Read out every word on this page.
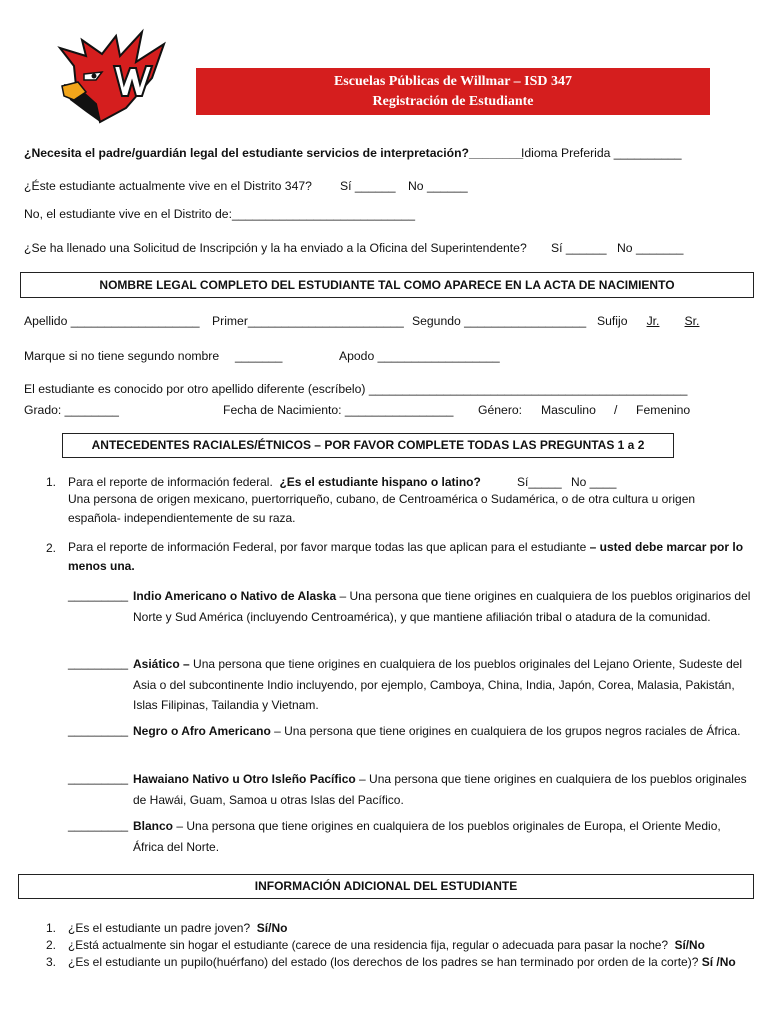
Escuelas Públicas de Willmar – ISD 347
Registración de Estudiante
¿Necesita el padre/guardián legal del estudiante servicios de interpretación?________
Idioma Preferida __________
¿Éste estudiante actualmente vive en el Distrito 347? Sí ______ No ______
No, el estudiante vive en el Distrito de:___________________________
¿Se ha llenado una Solicitud de Inscripción y la ha enviado a la Oficina del Superintendente? Sí ______ No _______
NOMBRE LEGAL COMPLETO DEL ESTUDIANTE TAL COMO APARECE EN LA ACTA DE NACIMIENTO
Apellido ___________________ Primer_______________________ Segundo __________________ Sufijo	Jr.	Sr.
Marque si no tiene segundo nombre _______	Apodo __________________
El estudiante es conocido por otro apellido diferente (escríbelo) _______________________________________________
Grado: ________	Fecha de Nacimiento: ________________ Género: Masculino / Femenino
ANTECEDENTES RACIALES/ÉTNICOS – POR FAVOR COMPLETE TODAS LAS PREGUNTAS 1 a 2
1. Para el reporte de información federal. ¿Es el estudiante hispano o latino?	Sí_____ No ____
Una persona de origen mexicano, puertorriqueño, cubano, de Centroamérica o Sudamérica, o de otra cultura u origen española- independientemente de su raza.
2. Para el reporte de información Federal, por favor marque todas las que aplican para el estudiante – usted debe marcar por lo menos una.
_________ Indio Americano o Nativo de Alaska – Una persona que tiene origines en cualquiera de los pueblos originarios del Norte y Sud América (incluyendo Centroamérica), y que mantiene afiliación tribal o atadura de la comunidad.
_________ Asiático – Una persona que tiene origines en cualquiera de los pueblos originales del Lejano Oriente, Sudeste del Asia o del subcontinente Indio incluyendo, por ejemplo, Camboya, China, India, Japón, Corea, Malasia, Pakistán, Islas Filipinas, Tailandia y Vietnam.
_________ Negro o Afro Americano – Una persona que tiene origines en cualquiera de los grupos negros raciales de África.
_________ Hawaiano Nativo u Otro Isleño Pacífico – Una persona que tiene origines en cualquiera de los pueblos originales de Hawái, Guam, Samoa u otras Islas del Pacífico.
_________ Blanco – Una persona que tiene origines en cualquiera de los pueblos originales de Europa, el Oriente Medio, África del Norte.
INFORMACIÓN ADICIONAL DEL ESTUDIANTE
1. ¿Es el estudiante un padre joven? Sí/No
2. ¿Está actualmente sin hogar el estudiante (carece de una residencia fija, regular o adecuada para pasar la noche? Sí/No
3. ¿Es el estudiante un pupilo(huérfano) del estado (los derechos de los padres se han terminado por orden de la corte)? Sí /No
